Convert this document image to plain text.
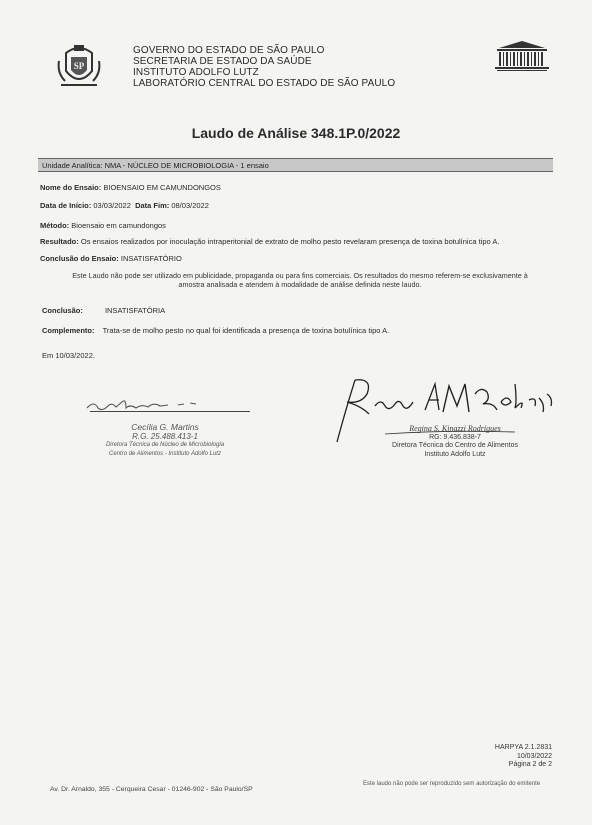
SP
GOVERNO DO ESTADO DE SÃO PAULO
SECRETARIA DE ESTADO DA SAÚDE
INSTITUTO ADOLFO LUTZ
LABORATÓRIO CENTRAL DO ESTADO DE SÃO PAULO
Laudo de Análise 348.1P.0/2022
Unidade Analítica: NMA - NÚCLEO DE MICROBIOLOGIA - 1 ensaio
Nome do Ensaio: BIOENSAIO EM CAMUNDONGOS
Data de Início: 03/03/2022 Data Fim: 08/03/2022
Método: Bioensaio em camundongos
Resultado: Os ensaios realizados por inoculação intraperitonial de extrato de molho pesto revelaram presença de toxina botulínica tipo A.
Conclusão do Ensaio: INSATISFATÓRIO
Este Laudo não pode ser utilizado em publicidade, propaganda ou para fins comerciais. Os resultados do mesmo referem-se exclusivamente à
amostra analisada e atendem à modalidade de análise definida neste laudo.
Conclusão:	INSATISFATÓRIA
Complemento: Trata-se de molho pesto no qual foi identificada a presença de toxina botulínica tipo A.
Em 10/03/2022.
Cecília G. Martins
R.G. 25.488.413-1
Diretora Técnica de Núcleo de Microbiologia
Centro de Alimentos - Instituto Adolfo Lutz
Regina S. Kinazzi Rodrigues
RG: 9.436.838-7
Diretora Técnica do Centro de Alimentos
Instituto Adolfo Lutz
HARPYA 2.1.2831
10/03/2022
Página 2 de 2
Este laudo não pode ser reproduzido sem autorização do emitente
Av. Dr. Arnaldo, 355 - Cerqueira Cesar - 01246-902 - São Paulo/SP
